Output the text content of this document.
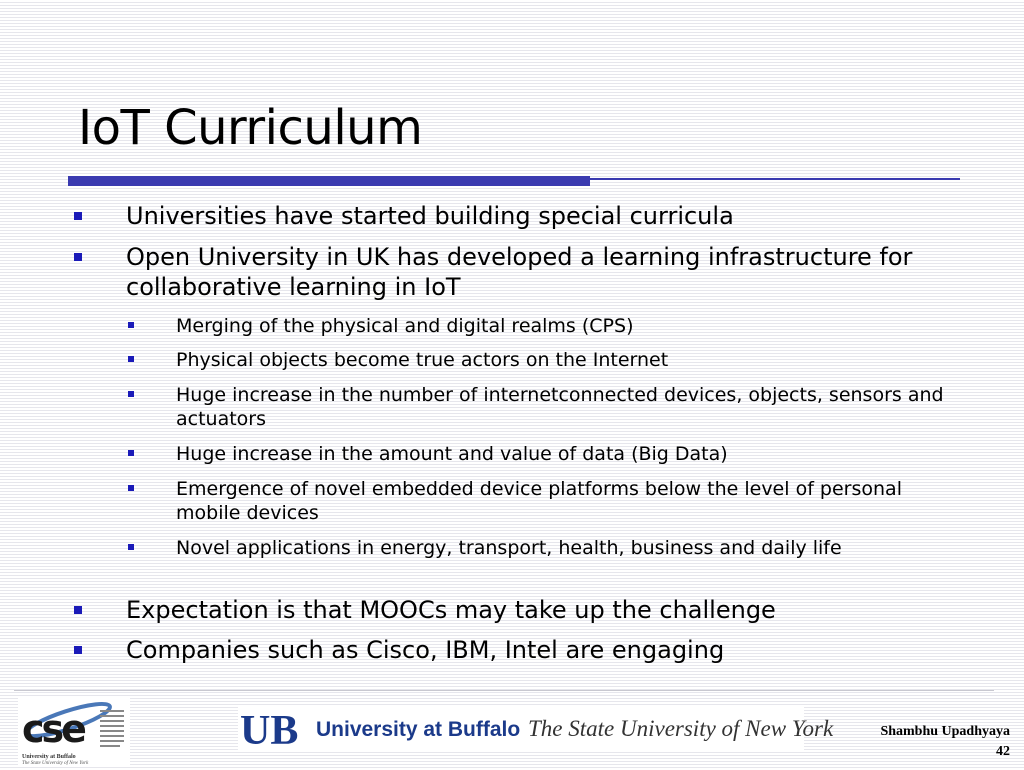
IoT Curriculum
Universities have started building special curricula
Open University in UK has developed a learning infrastructure for collaborative learning in IoT
Merging of the physical and digital realms (CPS)
Physical objects become true actors on the Internet
Huge increase in the number of internetconnected devices, objects, sensors and actuators
Huge increase in the amount and value of data (Big Data)
Emergence of novel embedded device platforms below the level of personal mobile devices
Novel applications in energy, transport, health, business and daily life
Expectation is that MOOCs may take up the challenge
Companies such as Cisco, IBM, Intel are engaging
cse
University at Buffalo
The State University of New York
UB University at Buffalo The State University of New York	Shambhu Upadhyaya
42
